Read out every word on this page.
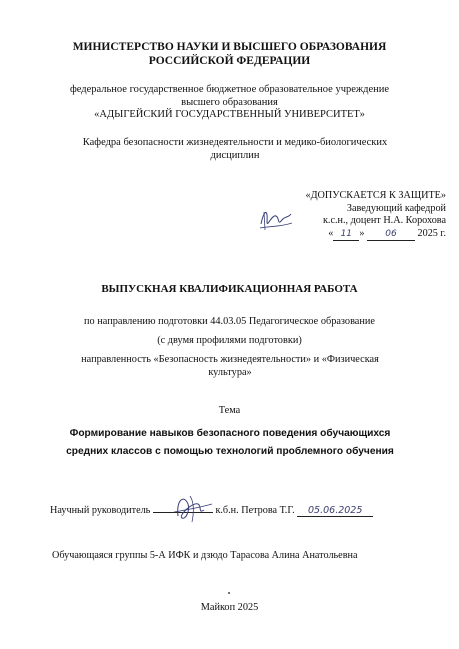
МИНИСТЕРСТВО НАУКИ И ВЫСШЕГО ОБРАЗОВАНИЯ
РОССИЙСКОЙ ФЕДЕРАЦИИ
федеральное государственное бюджетное образовательное учреждение
высшего образования
«АДЫГЕЙСКИЙ ГОСУДАРСТВЕННЫЙ УНИВЕРСИТЕТ»
Кафедра безопасности жизнедеятельности и медико-биологических дисциплин
«ДОПУСКАЕТСЯ К ЗАЩИТЕ»
Заведующий кафедрой
к.с.н., доцент Н.А. Корохова
« 11 » 06 2025 г.
ВЫПУСКНАЯ КВАЛИФИКАЦИОННАЯ РАБОТА
по направлению подготовки 44.03.05 Педагогическое образование
(с двумя профилями подготовки)
направленность «Безопасность жизнедеятельности» и «Физическая культура»
Тема
Формирование навыков безопасного поведения обучающихся средних классов с помощью технологий проблемного обучения
Научный руководитель	к.б.н. Петрова Т.Г. 05.06.2025
Обучающаяся группы 5-А ИФК и дзюдо Тарасова Алина Анатольевна
Майкоп 2025
